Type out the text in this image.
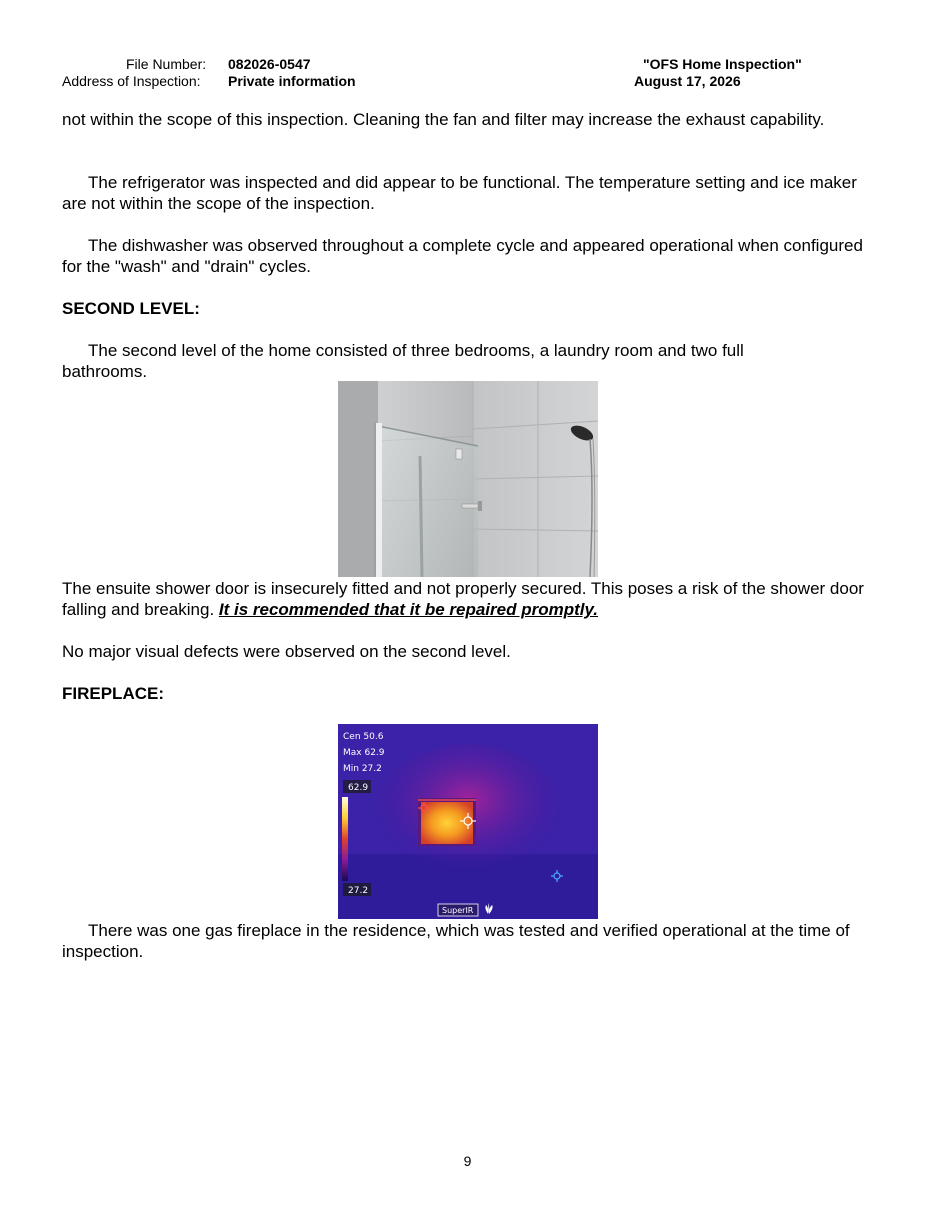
File Number: 082026-0547
Address of Inspection: Private information
"OFS Home Inspection"
August 17, 2026
not within the scope of this inspection. Cleaning the fan and filter may increase the exhaust capability.
The refrigerator was inspected and did appear to be functional. The temperature setting and ice maker are not within the scope of the inspection.
The dishwasher was observed throughout a complete cycle and appeared operational when configured for the "wash" and "drain" cycles.
SECOND LEVEL:
The second level of the home consisted of three bedrooms, a laundry room and two full bathrooms.
The ensuite shower door is insecurely fitted and not properly secured. This poses a risk of the shower door falling and breaking. It is recommended that it be repaired promptly.
No major visual defects were observed on the second level.
FIREPLACE:
Cen 50.6
Max 62.9
Min 27.2
62.9
27.2
SuperIR
There was one gas fireplace in the residence, which was tested and verified operational at the time of inspection.
9
